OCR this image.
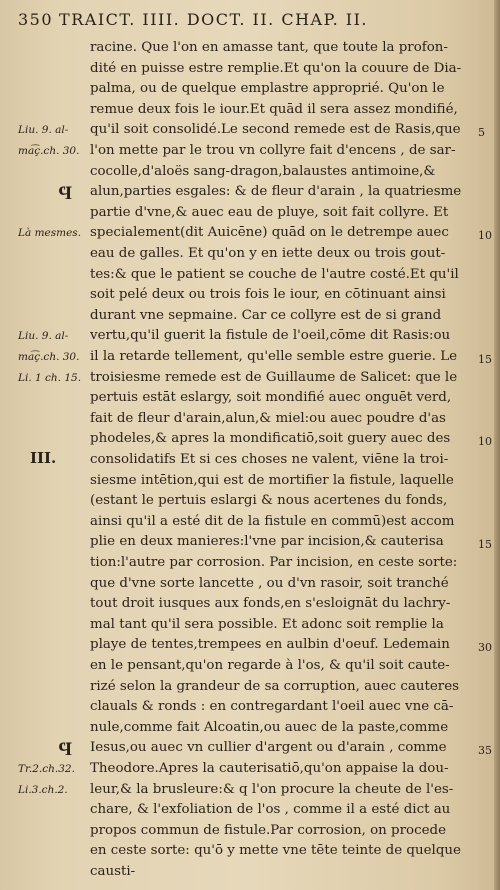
350 TRAICT. IIII. DOCT. II. CHAP. II.
racine. Que l'on en amasse tant, que toute la profon-
dité en puisse estre remplie.Et qu'on la couure de Dia-
palma, ou de quelque emplastre approprié. Qu'on le
remue deux fois le iour.Et quād il sera assez mondifié,
qu'il soit consolidé.Le second remede est de Rasis,que
l'on mette par le trou vn collyre fait d'encens , de sar-
cocolle,d'aloës sang-dragon,balaustes antimoine,&
alun,parties esgales: & de fleur d'arain , la quatriesme
partie d'vne,& auec eau de pluye, soit fait collyre. Et
specialement(dit Auicēne) quād on le detrempe auec
eau de galles. Et qu'on y en iette deux ou trois gout-
tes:& que le patient se couche de l'autre costé.Et qu'il
soit pelé deux ou trois fois le iour, en cōtinuant ainsi
durant vne sepmaine. Car ce collyre est de si grand
vertu,qu'il guerit la fistule de l'oeil,cōme dit Rasis:ou
il la retarde tellement, qu'elle semble estre guerie. Le
troisiesme remede est de Guillaume de Salicet: que le
pertuis estāt eslargy, soit mondifié auec onguēt verd,
fait de fleur d'arain,alun,& miel:ou auec poudre d'as
phodeles,& apres la mondificatiō,soit guery auec des
consolidatifs Et si ces choses ne valent, viēne la troi-
siesme intētion,qui est de mortifier la fistule, laquelle
(estant le pertuis eslargi & nous acertenes du fonds,
ainsi qu'il a esté dit de la fistule en commū)est accom
plie en deux manieres:l'vne par incision,& cauterisa
tion:l'autre par corrosion. Par incision, en ceste sorte:
que d'vne sorte lancette , ou d'vn rasoir, soit tranché
tout droit iusques aux fonds,en s'esloignāt du lachry-
mal tant qu'il sera possible. Et adonc soit remplie la
playe de tentes,trempees en aulbin d'oeuf. Ledemain
en le pensant,qu'on regarde à l'os, & qu'il soit caute-
rizé selon la grandeur de sa corruption, auec cauteres
clauals & ronds : en contregardant l'oeil auec vne cā-
nule,comme fait Alcoatin,ou auec de la paste,comme
Iesus,ou auec vn cullier d'argent ou d'arain , comme
Theodore.Apres la cauterisatiō,qu'on appaise la dou-
leur,& la brusleure:& q l'on procure la cheute de l'es-
chare, & l'exfoliation de l'os , comme il a esté dict au
propos commun de fistule.Par corrosion, on procede
en ceste sorte: qu'ō y mette vne tēte teinte de quelque
causti-
Liu. 9. al-
ma͡ç.ch. 30.
Là mesmes.
Liu. 9. al-
ma͡ç.ch. 30.
Li. 1 ch. 15.
Tr.2.ch.32.
Li.3.ch.2.
III.
Ϥ
Ϥ
5
10
15
10
15
30
35
